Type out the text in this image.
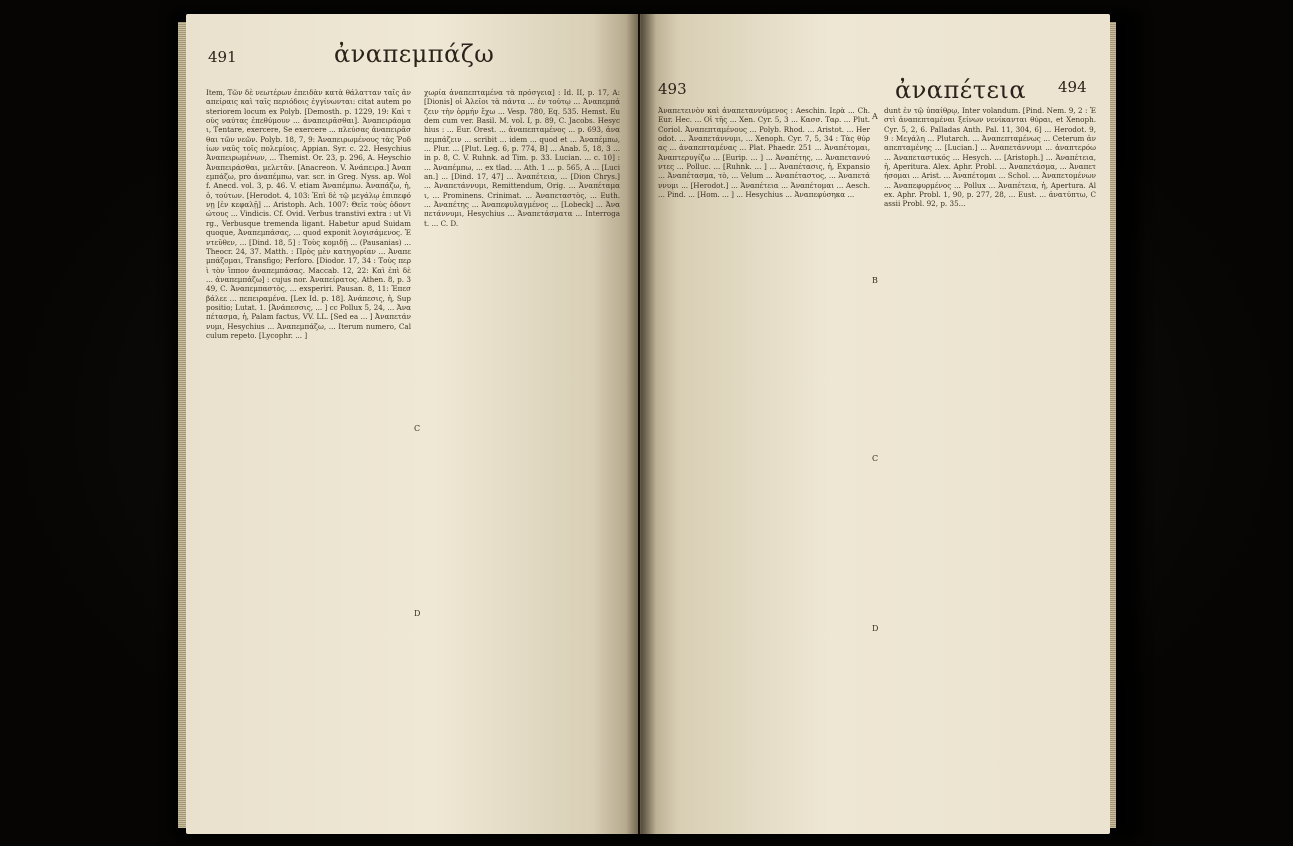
491	ἀναπεμπάζω
Item, Τῶν δὲ νεωτέρων ἐπειδὰν κατὰ θάλατταν ταῖς ἀναπείραις καὶ ταῖς περιόδοις ἐγγίνωνται: citat autem posteriorem locum ex Polyb. [Demosth. p. 1229, 19: Καὶ τοὺς ναύτας ἐπεθύμουν ... ἀναπειρᾶσθαι]. Ἀναπειράομαι, Τentare, exercere, Se exercere ... πλεύσας ἀναπειρᾶσθαι τῶν νεῶν. Polyb. 18, 7, 9: Ἀναπειρωμένους τὰς Ῥοδίων ναῦς τοῖς πολεμίοις. Appian. Syr. c. 22. Hesychius Ἀναπειρωμένων, ... Themist. Or. 23, p. 296, A. Heyschio Ἀναπειράσθαι, μελετᾶν. [Anacreon. V. Ἀνάπειρα.] Ἀναπεμπάζω, pro ἀναπέμπω, var. scr. in Greg. Nyss. ap. Wolf. Anecd. vol. 3, p. 46. V. etiam Ἀναπέμπω. Ἀναπάζω, ἡ, ὁ, τούτων. [Herodot. 4, 103: Ἐπὶ δὲ τῷ μεγάλῳ ἐπιπεφόνῃ [ἐν κεφαλῇ] ... Aristoph. Ach. 1007: Θεῖε τοὺς ὀδοντώτους ... Vindicis. Cf. Ovid. Verbus transtivi extra : ut Virg., Verbusque tremenda ligant. Habetur apud Suidam quoque, Ἀναπεμπάσας, ... quod exponit λογισάμενος. Ἐντεῦθεν, ... [Dind. 18, 5] : Τοὺς κομιδῇ ... (Pausanias) ... Theocr. 24, 37. Matth. : Πρὸς μὲν κατηγορίαν ... Ἀναπεμπάζομαι, Transfigo; Perforo. [Diodor. 17, 34 : Τοὺς περὶ τὸν ἵππον ἀναπεμπάσας. Maccab. 12, 22: Καὶ ἐπὶ δὲ ... ἀναπεμπάζω] : cujus nor. Ἀναπείρατος. Athen. 8, p. 349, C. Ἀναπεμπαστὸς, ... exsperiri. Pausan. 8, 11: Ἐπεσβάλεε ... πεπειραμένα. [Lex Id. p. 18]. Ἀνάπεσις, ἡ, Suppositio; Lutat. 1. [Ἀνάπεσσις, ... ] cc Pollux 5, 24, ... Ἀναπέτασμα, ἡ, Palam factus, VV. LL. [Sed ea ... ] Ἀναπετάννυμι, Hesychius ... Ἀναπεμπάζω, ... Iterum numero, Calculum repeto. [Lycophr. ... ]
C
D
χωρία ἀναπεπταμένα τὰ πρόσγεια] : Id. II, p. 17, A: [Dionis] οἱ Ἀλεῖοι τὰ πάντα ... ἐν τούτῳ ... Ἀναπεμπάζειν τὴν ὁρμήν ἔχω ... Vesp. 780, Eq. 535. Hemst. Eudem cum ver. Basil. M. vol. I, p. 89, C. Jacobs. Hesychius : ... Eur. Orest. ... ἀναπεπταμένος ... p. 693, ἀναπεμπάζειν ... scribit ... idem ... quod et ... Ἀναπέμπω, ... Plur. ... [Plut. Leg. 6, p. 774, B] ... Anab. 5, 18, 3 ... in p. 8, C. V. Ruhnk. ad Tim. p. 33. Lucian. ... c. 10] : ... Ἀναπέμπω, ... ex tlad. ... Ath. 1 ... p. 565, A ... [Lucian.] ... [Dind. 17, 47] ... Ἀναπέτεια, ... [Dion Chrys.] ... Ἀναπετάννυμι, Remittendum, Orig. ... Ἀναπέταμαι, ... Prominens. Crinimat. ... Ἀναπεταστὸς, ... Euth. ... Ἀναπέτης ... Ἀναπεφυλαγμένος ... [Lobeck] ... Ἀναπετάννυμι, Hesychius ... Ἀναπετάσματα ... Interrogat. ... C. D.
493	ἀναπέτεια 494
Ἀναπετεινὸν καὶ ἀναπεταννύμενος : Aeschin. Ιερὰ ... Ch. Eur. Hec. ... Οἱ τῆς ... Xen. Cyr. 5, 3 ... Κασσ. Ταρ. ... Plut. Coriol. Ἀναπεπταμένους ... Polyb. Rhod. ... Aristot. ... Herodot. ... Ἀναπετάννυμι, ... Xenoph. Cyr. 7, 5, 34 : Τὰς θύρας ... ἀναπεπταμένας ... Plat. Phaedr. 251 ... Ἀναπέτομαι, Ἀναπτερυγίζω ... [Eurip. ... ] ... Ἀναπέτης, ... Ἀναπεταννύντες ... Polluc. ... [Ruhnk. ... ] ... Ἀναπέτασις, ἡ, Expansio ... Ἀναπέτασμα, τὸ, ... Velum ... Ἀναπέταστος, ... Ἀναπετάννυμι ... [Herodot.] ... Ἀναπέτεια ... Ἀναπέτομαι ... Aesch. ... Pind. ... [Hom. ... ] ... Hesychius ... Ἀναπεφύσηκα ...
A
B
C
D
dunt ἐν τῷ ὑπαίθρῳ, Inter volandum. [Pind. Nem. 9, 2 : Ἐστὶ ἀναπεπταμέναι ξείνων νενίκανται θύραι, et Xenoph. Cyr. 5, 2, 6. Palladas Anth. Pal. 11, 304, 6] ... Herodot. 9, 9 : Μεγάλη ... Plutarch. ... Ἀναπεπταμένως ... Ceterum ἀναπεπταμένης ... [Lucian.] ... Ἀναπετάννυμι ... ἀναπτερόω ... Ἀναπεταστικός ... Hesych. ... [Aristoph.] ... Ἀναπέτεια, ἡ, Aperitura. Alex. Aphr. Probl. ... Ἀναπετάσμα, ... Ἀναπετήσομαι ... Arist. ... Ἀναπέτομαι ... Schol. ... Ἀναπετομένων ... Ἀναπεφυρμένος ... Pollux ... Ἀναπέτεια, ἡ, Apertura. Alex. Aphr. Probl. 1, 90, p. 277, 28, ... Eust. ... ἀνατύπτω, Cassii Probl. 92, p. 35...
